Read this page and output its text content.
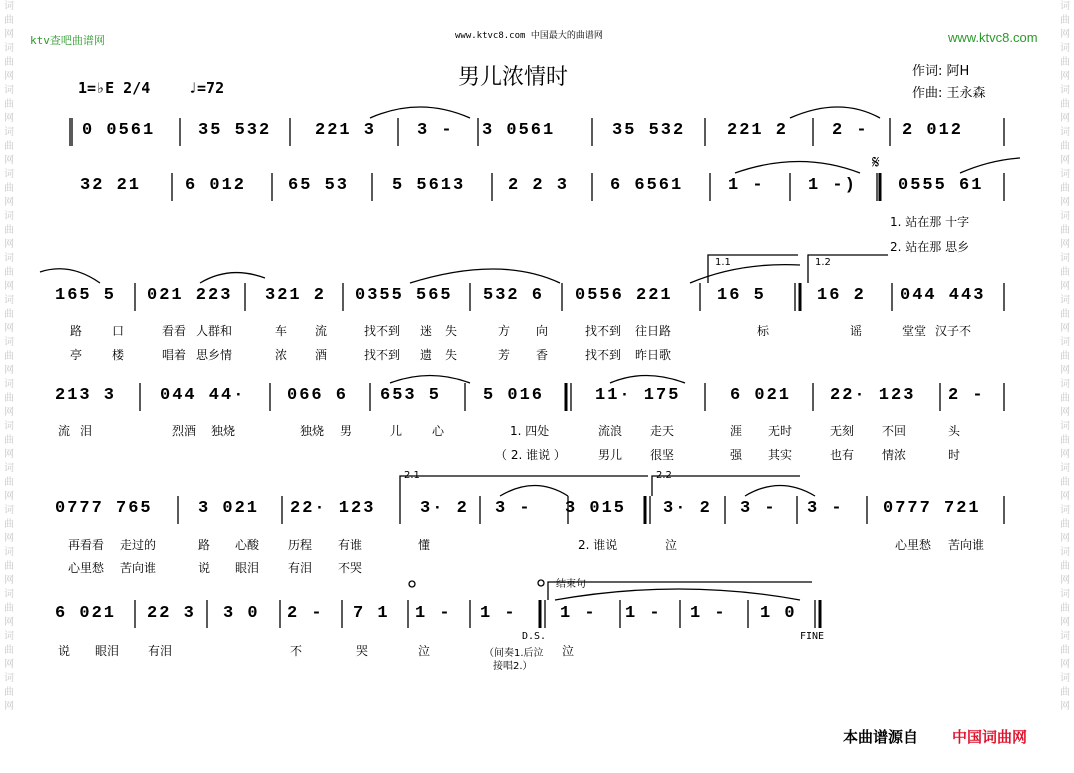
词
曲
网
词
曲
网
词
曲
网
词
曲
网
词
曲
网
词
曲
网
词
曲
网
词
曲
网
词
曲
网
词
曲
网
词
曲
网
词
曲
网
词
曲
网
词
曲
网
词
曲
网
词
曲
网
词
曲
网
词
曲
网
词
曲
网
词
曲
网
词
曲
网
词
曲
网
词
曲
网
词
曲
网
词
曲
网
词
曲
网
词
曲
网
词
曲
网
词
曲
网
词
曲
网
词
曲
网
词
曲
网
词
曲
网
词
曲
网
ktv查吧曲谱网	www.ktvc8.com 中国最大的曲谱网	www.ktvc8.com
男儿浓情时	作词: 阿H
作曲: 王永森
1=♭E 2/4	♩=72
𝄋
0 0561	35 532	221 3 3 - 3 0561	35 532 221 2	2 - 2 012
32 21	6 012 65 53	5 5613	2 2 3 6 6561	1 -	1 -) 0555 61
1. 站在那 十字
2. 站在那 思乡
1.1	1.2
165 5 021 223 321 2 0355 565 532 6 0556 221	16 5	16 2 044 443
路 口	看看 人群和	车 流	找不到 迷 失	方 向	找不到 往日路	标	谣	堂堂 汉子不
亭 楼	唱着 思乡情	浓 酒	找不到 遗 失	芳 香	找不到 昨日歌
213 3	044 44· 066 6 653 5 5 016	11· 175	6 021 22· 123 2 -
流 泪	烈酒 独烧	独烧 男	儿 心	1. 四处	流浪 走天	涯 无时	无刻 不回	头
（ 2. 谁说 ）	男儿 很坚	强 其实	也有 情浓	时
2.1	2.2
0777 765	3 021 22· 123	3· 2 3 - 3 015 3· 2 3 - 3 - 0777 721
再看看 走过的	路 心酸 历程 有谁	懂	2. 谁说	泣	心里愁 苦向谁
心里愁 苦向谁	说 眼泪 有泪 不哭
结束句
6 021 22 3 3 0 2 - 7 1 1 - 1 -	1 - 1 - 1 - 1 0
D.S.	FINE
（间奏1.后泣
接唱2.）
说 眼泪 有泪	不	哭	泣	泣
本曲谱源自 中国词曲网
